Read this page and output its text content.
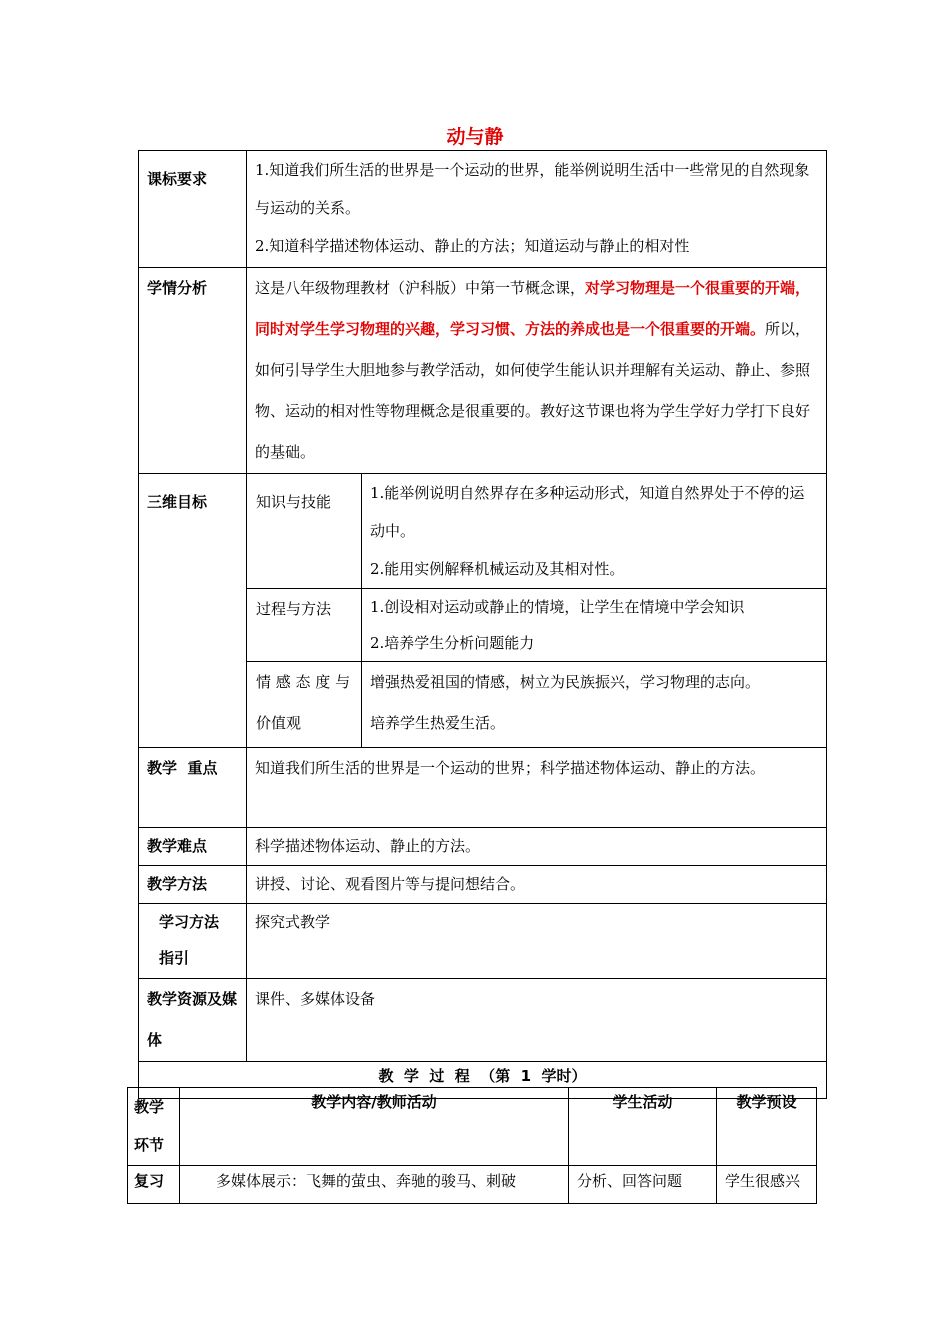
动与静
课标要求	1.知道我们所生活的世界是一个运动的世界，能举例说明生活中一些常见的自然现象与运动的关系。
2.知道科学描述物体运动、静止的方法；知道运动与静止的相对性	

学情分析	这是八年级物理教材（沪科版）中第一节概念课，对学习物理是一个很重要的开端，同时对学生学习物理的兴趣，学习习惯、方法的养成也是一个很重要的开端。所以，如何引导学生大胆地参与教学活动，如何使学生能认识并理解有关运动、静止、参照物、运动的相对性等物理概念是很重要的。教好这节课也将为学生学好力学打下良好的基础。	
三维目标	知识与技能	1.能举例说明自然界存在多种运动形式，知道自然界处于不停的运动中。
2.能用实例解释机械运动及其相对性。

	过程与方法	1.创设相对运动或静止的情境，让学生在情境中学会知识
2.培养学生分析问题能力

	情 感 态 度 与价值观	增强热爱祖国的情感，树立为民族振兴，学习物理的志向。
培养学生热爱生活。

教学  重点	知道我们所生活的世界是一个运动的世界；科学描述物体运动、静止的方法。	
教学难点	科学描述物体运动、静止的方法。	
教学方法	讲授、讨论、观看图片等与提问想结合。	
学习方法指引	探究式教学	
教学资源及媒体	课件、多媒体设备	
教  学  过  程  （第  1  学时）		
教学环节	教学内容/教师活动	学生活动	教学预设
复习	多媒体展示：飞舞的萤虫、奔驰的骏马、刺破	分析、回答问题	学生很感兴
